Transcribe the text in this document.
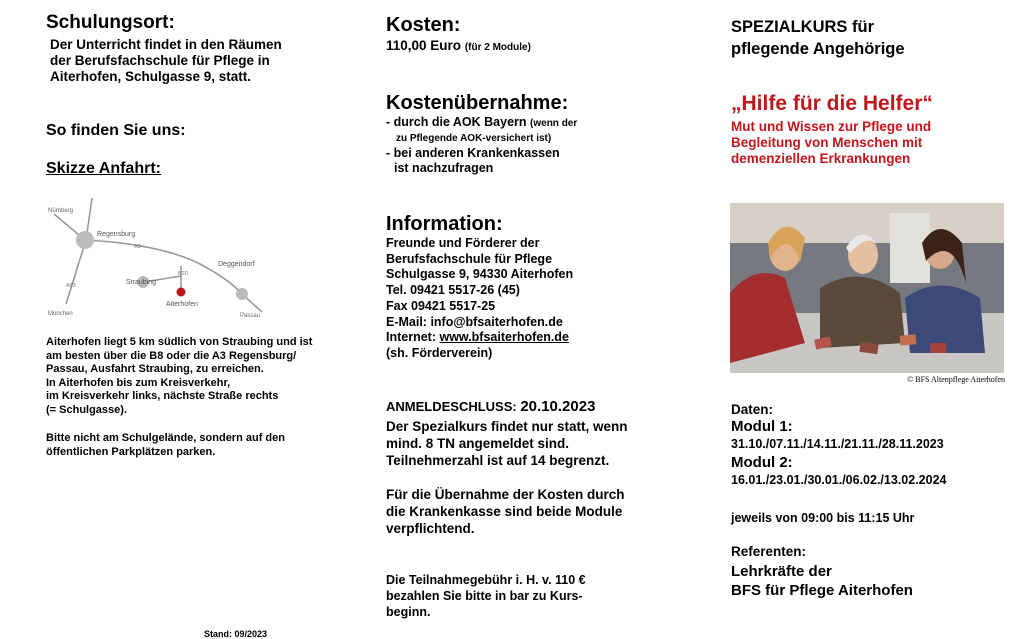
Schulungsort:
Der Unterricht findet in den Räumen
der Berufsfachschule für Pflege in
Aiterhofen, Schulgasse 9, statt.
So finden Sie uns:
Skizze Anfahrt:
Nürnberg
Regensburg
A3
B20
Straubing
Deggendorf
A93
Aiterhofen
München	Passau
Aiterhofen liegt 5 km südlich von Straubing und ist
am besten über die B8 oder die A3 Regensburg/
Passau, Ausfahrt Straubing, zu erreichen.
In Aiterhofen bis zum Kreisverkehr,
im Kreisverkehr links, nächste Straße rechts
(= Schulgasse).
Bitte nicht am Schulgelände, sondern auf den
öffentlichen Parkplätzen parken.
Stand: 09/2023
Kosten:
110,00 Euro (für 2 Module)
Kostenübernahme:
- durch die AOK Bayern (wenn der
zu Pflegende AOK-versichert ist)
- bei anderen Krankenkassen
ist nachzufragen
Information:
Freunde und Förderer der
Berufsfachschule für Pflege
Schulgasse 9, 94330 Aiterhofen
Tel. 09421 5517-26 (45)
Fax 09421 5517-25
E-Mail: info@bfsaiterhofen.de
Internet: www.bfsaiterhofen.de
(sh. Förderverein)
ANMELDESCHLUSS: 20.10.2023
Der Spezialkurs findet nur statt, wenn
mind. 8 TN angemeldet sind.
Teilnehmerzahl ist auf 14 begrenzt.
Für die Übernahme der Kosten durch
die Krankenkasse sind beide Module
verpflichtend.
Die Teilnahmegebühr i. H. v. 110 €
bezahlen Sie bitte in bar zu Kurs-
beginn.
SPEZIALKURS für
pflegende Angehörige
„Hilfe für die Helfer“
Mut und Wissen zur Pflege und
Begleitung von Menschen mit
demenziellen Erkrankungen
© BFS Altenpflege Aiterhofen
Daten:
Modul 1:
31.10./07.11./14.11./21.11./28.11.2023
Modul 2:
16.01./23.01./30.01./06.02./13.02.2024
jeweils von 09:00 bis 11:15 Uhr
Referenten:
Lehrkräfte der
BFS für Pflege Aiterhofen
